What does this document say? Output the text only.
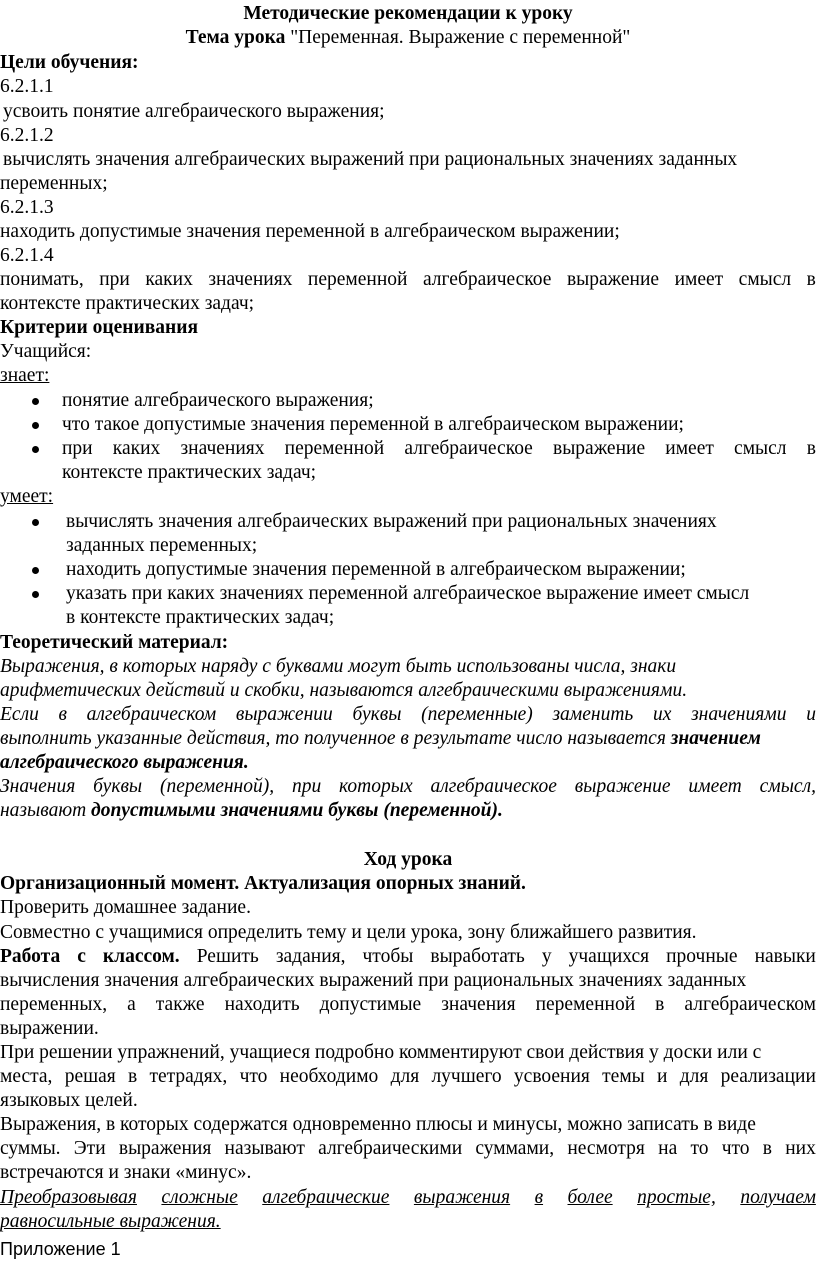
Методические рекомендации к уроку
Тема урока "Переменная. Выражение с переменной"
Цели обучения:
6.2.1.1
усвоить понятие алгебраического выражения;
6.2.1.2
вычислять значения алгебраических выражений при рациональных значениях заданных
переменных;
6.2.1.3
находить допустимые значения переменной в алгебраическом выражении;
6.2.1.4
понимать, при каких значениях переменной алгебраическое выражение имеет смысл в
контексте практических задач;
Критерии оценивания
Учащийся:
знает:
понятие алгебраического выражения;
что такое допустимые значения переменной в алгебраическом выражении;
при каких значениях переменной алгебраическое выражение имеет смысл в
контексте практических задач;
умеет:
вычислять значения алгебраических выражений при рациональных значениях
заданных переменных;
находить допустимые значения переменной в алгебраическом выражении;
указать при каких значениях переменной алгебраическое выражение имеет смысл
в контексте практических задач;
Теоретический материал:
Выражения, в которых наряду с буквами могут быть использованы числа, знаки
арифметических действий и скобки, называются алгебраическими выражениями.
Если в алгебраическом выражении буквы (переменные) заменить их значениями и
выполнить указанные действия, то полученное в результате число называется значением
алгебраического выражения.
Значения буквы (переменной), при которых алгебраическое выражение имеет смысл,
называют допустимыми значениями буквы (переменной).
Ход урока
Организационный момент. Актуализация опорных знаний.
Проверить домашнее задание.
Совместно с учащимися определить тему и цели урока, зону ближайшего развития.
Работа с классом. Решить задания, чтобы выработать у учащихся прочные навыки
вычисления значения алгебраических выражений при рациональных значениях заданных
переменных, а также находить допустимые значения переменной в алгебраическом
выражении.
При решении упражнений, учащиеся подробно комментируют свои действия у доски или с
места, решая в тетрадях, что необходимо для лучшего усвоения темы и для реализации
языковых целей.
Выражения, в которых содержатся одновременно плюсы и минусы, можно записать в виде
суммы. Эти выражения называют алгебраическими суммами, несмотря на то что в них
встречаются и знаки «минус».
Преобразовывая сложные алгебраические выражения в более простые, получаем
равносильные выражения.
Приложение 1
